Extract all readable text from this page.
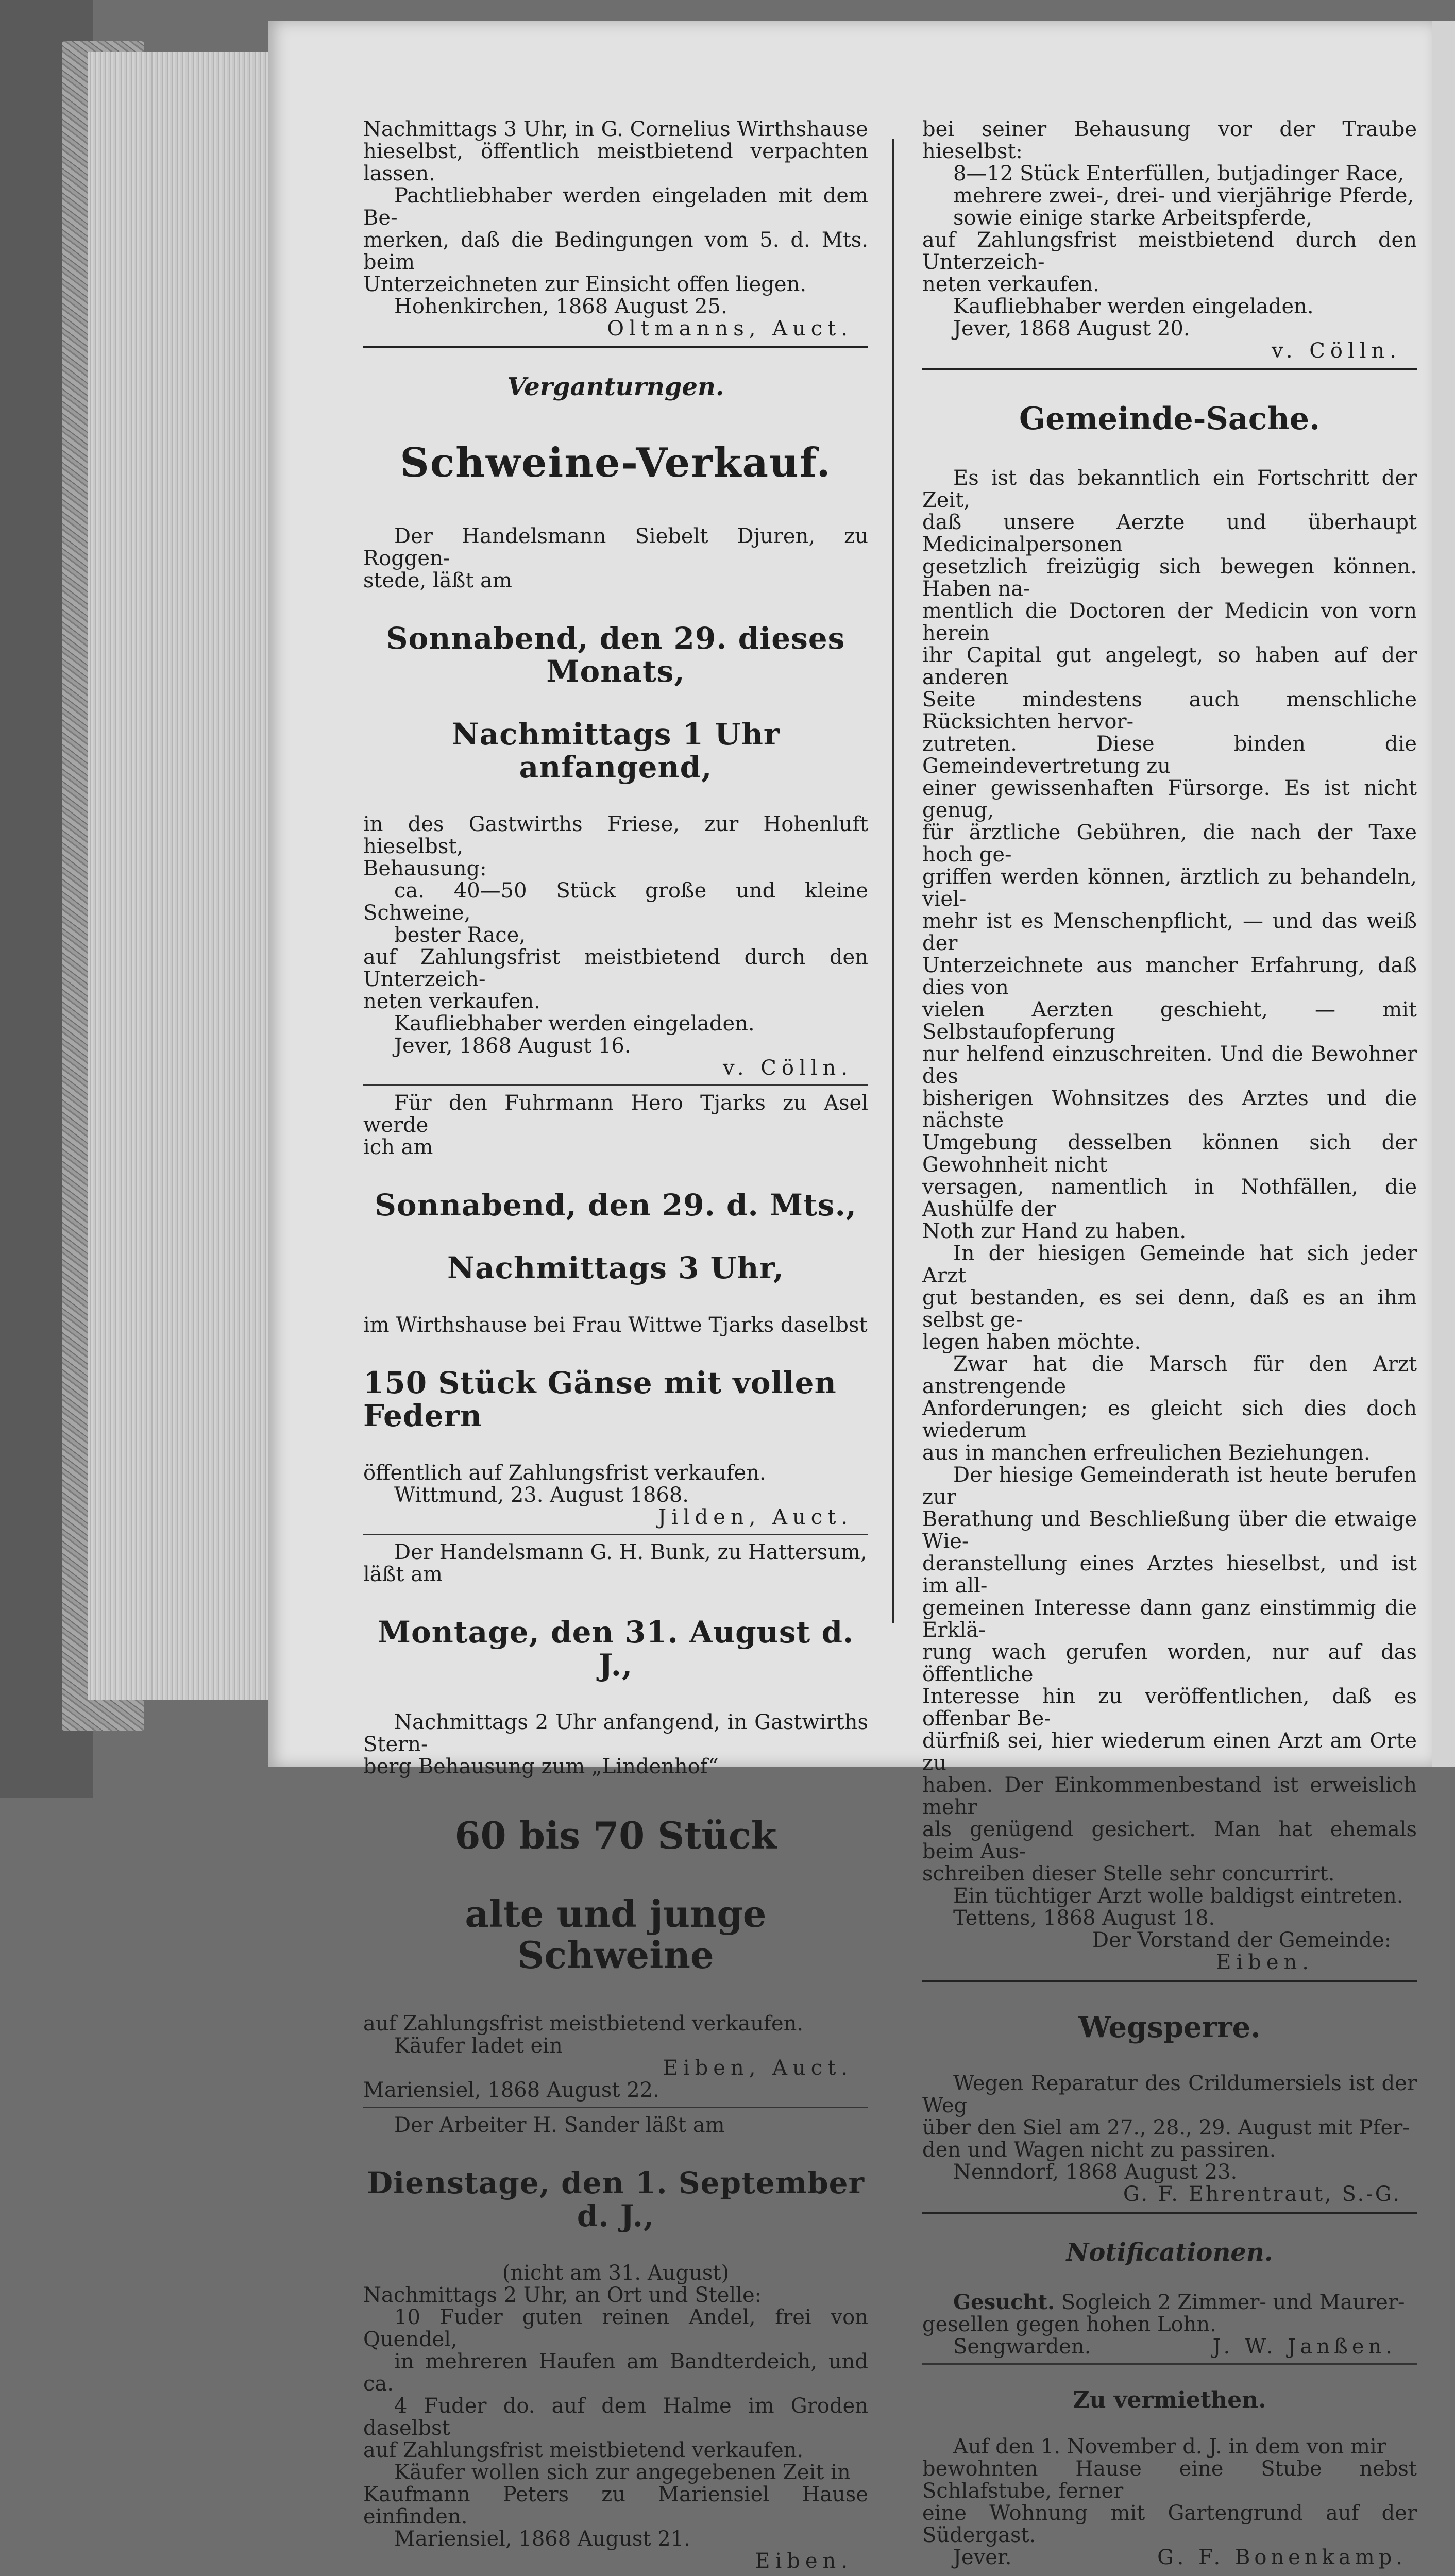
Nachmittags 3 Uhr, in G. Cornelius Wirthshause

hieselbst, öffentlich meistbietend verpachten lassen.

Pachtliebhaber werden eingeladen mit dem Be-

merken, daß die Bedingungen vom 5. d. Mts. beim

Unterzeichneten zur Einsicht offen liegen.

Hohenkirchen, 1868 August 25.

Oltmanns, Auct.

Verganturngen.

Schweine-Verkauf.

Der Handelsmann Siebelt Djuren, zu Roggen-

stede, läßt am

Sonnabend, den 29. dieses Monats,

Nachmittags 1 Uhr anfangend,

in des Gastwirths Friese, zur Hohenluft hieselbst,

Behausung:

ca. 40—50 Stück große und kleine Schweine,

bester Race,

auf Zahlungsfrist meistbietend durch den Unterzeich-

neten verkaufen.

Kaufliebhaber werden eingeladen.

Jever, 1868 August 16.

v. Cölln.

Für den Fuhrmann Hero Tjarks zu Asel werde

ich am

Sonnabend, den 29. d. Mts.,

Nachmittags 3 Uhr,

im Wirthshause bei Frau Wittwe Tjarks daselbst

150 Stück Gänse mit vollen Federn

öffentlich auf Zahlungsfrist verkaufen.

Wittmund, 23. August 1868.

Jilden, Auct.

Der Handelsmann G. H. Bunk, zu Hattersum,

läßt am

Montage, den 31. August d. J.,

Nachmittags 2 Uhr anfangend, in Gastwirths Stern-

berg Behausung zum „Lindenhof“

60 bis 70 Stück

alte und junge Schweine

auf Zahlungsfrist meistbietend verkaufen.

Käufer ladet ein

Eiben, Auct.

Mariensiel, 1868 August 22.

Der Arbeiter H. Sander läßt am

Dienstage, den 1. September d. J.,

(nicht am 31. August)

Nachmittags 2 Uhr, an Ort und Stelle:

10 Fuder guten reinen Andel, frei von Quendel,

in mehreren Haufen am Bandterdeich, und ca.

4 Fuder do. auf dem Halme im Groden daselbst

auf Zahlungsfrist meistbietend verkaufen.

Käufer wollen sich zur angegebenen Zeit in

Kaufmann Peters zu Mariensiel Hause einfinden.

Mariensiel, 1868 August 21.

Eiben.

bei seiner Behausung vor der Traube hieselbst:

8—12 Stück Enterfüllen, butjadinger Race,

mehrere zwei-, drei- und vierjährige Pferde,

sowie einige starke Arbeitspferde,

auf Zahlungsfrist meistbietend durch den Unterzeich-

neten verkaufen.

Kaufliebhaber werden eingeladen.

Jever, 1868 August 20.

v. Cölln.

Gemeinde-Sache.

Es ist das bekanntlich ein Fortschritt der Zeit,

daß unsere Aerzte und überhaupt Medicinalpersonen

gesetzlich freizügig sich bewegen können. Haben na-

mentlich die Doctoren der Medicin von vorn herein

ihr Capital gut angelegt, so haben auf der anderen

Seite mindestens auch menschliche Rücksichten hervor-

zutreten. Diese binden die Gemeindevertretung zu

einer gewissenhaften Fürsorge. Es ist nicht genug,

für ärztliche Gebühren, die nach der Taxe hoch ge-

griffen werden können, ärztlich zu behandeln, viel-

mehr ist es Menschenpflicht, — und das weiß der

Unterzeichnete aus mancher Erfahrung, daß dies von

vielen Aerzten geschieht, — mit Selbstaufopferung

nur helfend einzuschreiten. Und die Bewohner des

bisherigen Wohnsitzes des Arztes und die nächste

Umgebung desselben können sich der Gewohnheit nicht

versagen, namentlich in Nothfällen, die Aushülfe der

Noth zur Hand zu haben.

In der hiesigen Gemeinde hat sich jeder Arzt

gut bestanden, es sei denn, daß es an ihm selbst ge-

legen haben möchte.

Zwar hat die Marsch für den Arzt anstrengende

Anforderungen; es gleicht sich dies doch wiederum

aus in manchen erfreulichen Beziehungen.

Der hiesige Gemeinderath ist heute berufen zur

Berathung und Beschließung über die etwaige Wie-

deranstellung eines Arztes hieselbst, und ist im all-

gemeinen Interesse dann ganz einstimmig die Erklä-

rung wach gerufen worden, nur auf das öffentliche

Interesse hin zu veröffentlichen, daß es offenbar Be-

dürfniß sei, hier wiederum einen Arzt am Orte zu

haben. Der Einkommenbestand ist erweislich mehr

als genügend gesichert. Man hat ehemals beim Aus-

schreiben dieser Stelle sehr concurrirt.

Ein tüchtiger Arzt wolle baldigst eintreten.

Tettens, 1868 August 18.

Der Vorstand der Gemeinde:

Eiben.

Wegsperre.

Wegen Reparatur des Crildumersiels ist der Weg

über den Siel am 27., 28., 29. August mit Pfer-

den und Wagen nicht zu passiren.

Nenndorf, 1868 August 23.

G. F. Ehrentraut, S.-G.

Notificationen.

Gesucht. Sogleich 2 Zimmer- und Maurer-

gesellen gegen hohen Lohn.

Sengwarden.	J. W. Janßen.

Zu vermiethen.

Auf den 1. November d. J. in dem von mir

bewohnten Hause eine Stube nebst Schlafstube, ferner

eine Wohnung mit Gartengrund auf der Südergast.

Jever.	G. F. Bonenkamp.
